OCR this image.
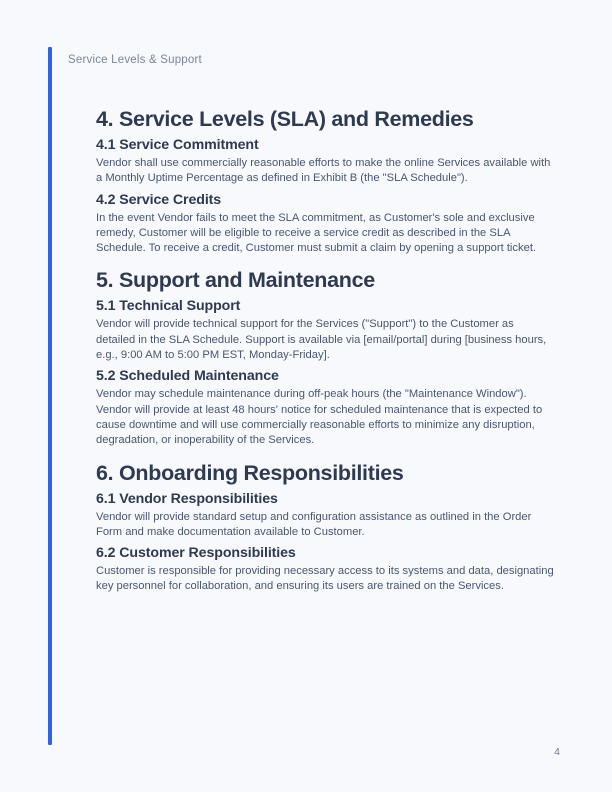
Service Levels & Support
4. Service Levels (SLA) and Remedies
4.1 Service Commitment

Vendor shall use commercially reasonable efforts to make the online Services available with a Monthly Uptime Percentage as defined in Exhibit B (the "SLA Schedule").

4.2 Service Credits

In the event Vendor fails to meet the SLA commitment, as Customer's sole and exclusive remedy, Customer will be eligible to receive a service credit as described in the SLA Schedule. To receive a credit, Customer must submit a claim by opening a support ticket.

5. Support and Maintenance
5.1 Technical Support

Vendor will provide technical support for the Services ("Support") to the Customer as detailed in the SLA Schedule. Support is available via [email/portal] during [business hours, e.g., 9:00 AM to 5:00 PM EST, Monday-Friday].

5.2 Scheduled Maintenance

Vendor may schedule maintenance during off-peak hours (the "Maintenance Window"). Vendor will provide at least 48 hours' notice for scheduled maintenance that is expected to cause downtime and will use commercially reasonable efforts to minimize any disruption, degradation, or inoperability of the Services.

6. Onboarding Responsibilities
6.1 Vendor Responsibilities

Vendor will provide standard setup and configuration assistance as outlined in the Order Form and make documentation available to Customer.

6.2 Customer Responsibilities

Customer is responsible for providing necessary access to its systems and data, designating key personnel for collaboration, and ensuring its users are trained on the Services.

4
